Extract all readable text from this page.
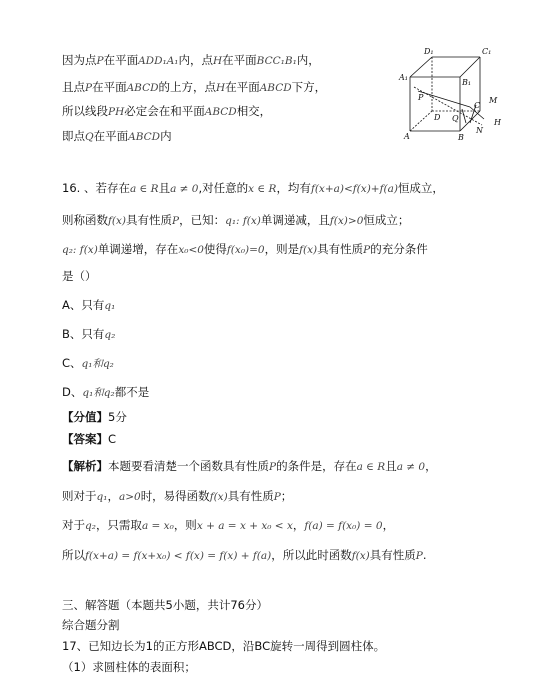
因为点P在平面ADD₁A₁内，点H在平面BCC₁B₁内，
且点P在平面ABCD的上方，点H在平面ABCD下方，
所以线段PH必定会在和平面ABCD相交，
即点Q在平面ABCD内
D₁	C₁
A₁
B₁
P
D
C
M
Q	H
A	B
N
16. 、若存在a ∈ R且a ≠ 0,对任意的x ∈ R，均有f(x+a)<f(x)+f(a)恒成立，
则称函数f(x)具有性质P，已知：q₁: f(x)单调递减，且f(x)>0恒成立；
q₂: f(x)单调递增，存在x₀<0使得f(x₀)=0，则是f(x)具有性质P的充分条件
是（）
A、只有q₁
B、只有q₂
C、q₁和q₂
D、q₁和q₂都不是
【分值】5分
【答案】C
【解析】本题要看清楚一个函数具有性质P的条件是，存在a ∈ R且a ≠ 0，
则对于q₁，a>0时，易得函数f(x)具有性质P；
对于q₂，只需取a = x₀，则x + a = x + x₀ < x，f(a) = f(x₀) = 0，
所以f(x+a) = f(x+x₀) < f(x) = f(x) + f(a)，所以此时函数f(x)具有性质P.
三、解答题（本题共5小题，共计76分）
综合题分割
17、已知边长为1的正方形ABCD，沿BC旋转一周得到圆柱体。
（1）求圆柱体的表面积；
